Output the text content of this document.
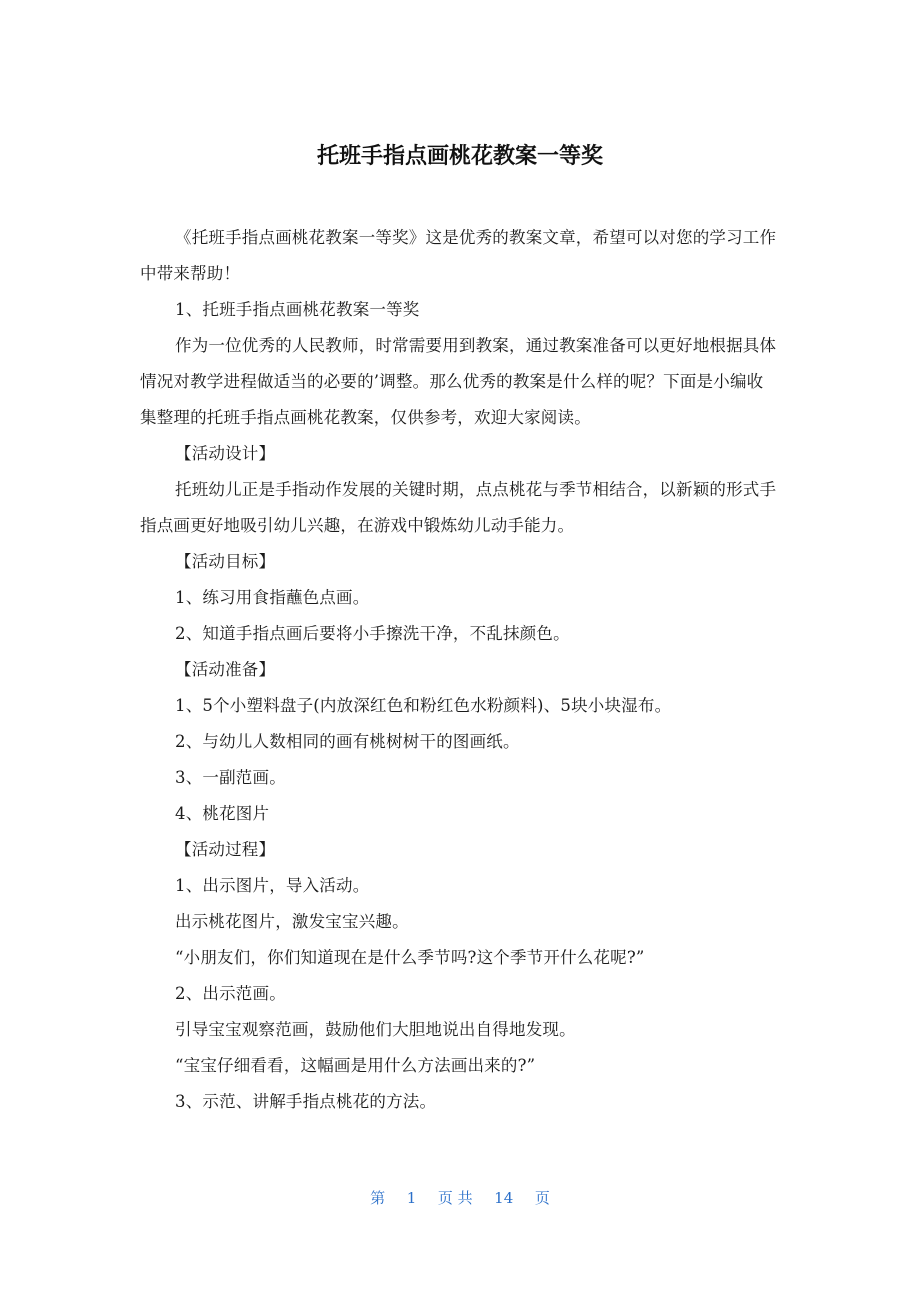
托班手指点画桃花教案一等奖

《托班手指点画桃花教案一等奖》这是优秀的教案文章，希望可以对您的学习工作中带来帮助！

1、托班手指点画桃花教案一等奖

作为一位优秀的人民教师，时常需要用到教案，通过教案准备可以更好地根据具体情况对教学进程做适当的必要的’调整。那么优秀的教案是什么样的呢？下面是小编收集整理的托班手指点画桃花教案，仅供参考，欢迎大家阅读。

【活动设计】

托班幼儿正是手指动作发展的关键时期，点点桃花与季节相结合，以新颖的形式手指点画更好地吸引幼儿兴趣，在游戏中锻炼幼儿动手能力。

【活动目标】

1、练习用食指蘸色点画。

2、知道手指点画后要将小手擦洗干净，不乱抹颜色。

【活动准备】

1、5个小塑料盘子(内放深红色和粉红色水粉颜料)、5块小块湿布。

2、与幼儿人数相同的画有桃树树干的图画纸。

3、一副范画。

4、桃花图片

【活动过程】

1、出示图片，导入活动。

出示桃花图片，激发宝宝兴趣。

“小朋友们，你们知道现在是什么季节吗?这个季节开什么花呢?”

2、出示范画。

引导宝宝观察范画，鼓励他们大胆地说出自得地发现。

“宝宝仔细看看，这幅画是用什么方法画出来的?”

3、示范、讲解手指点桃花的方法。

第 1 页 共 14 页
